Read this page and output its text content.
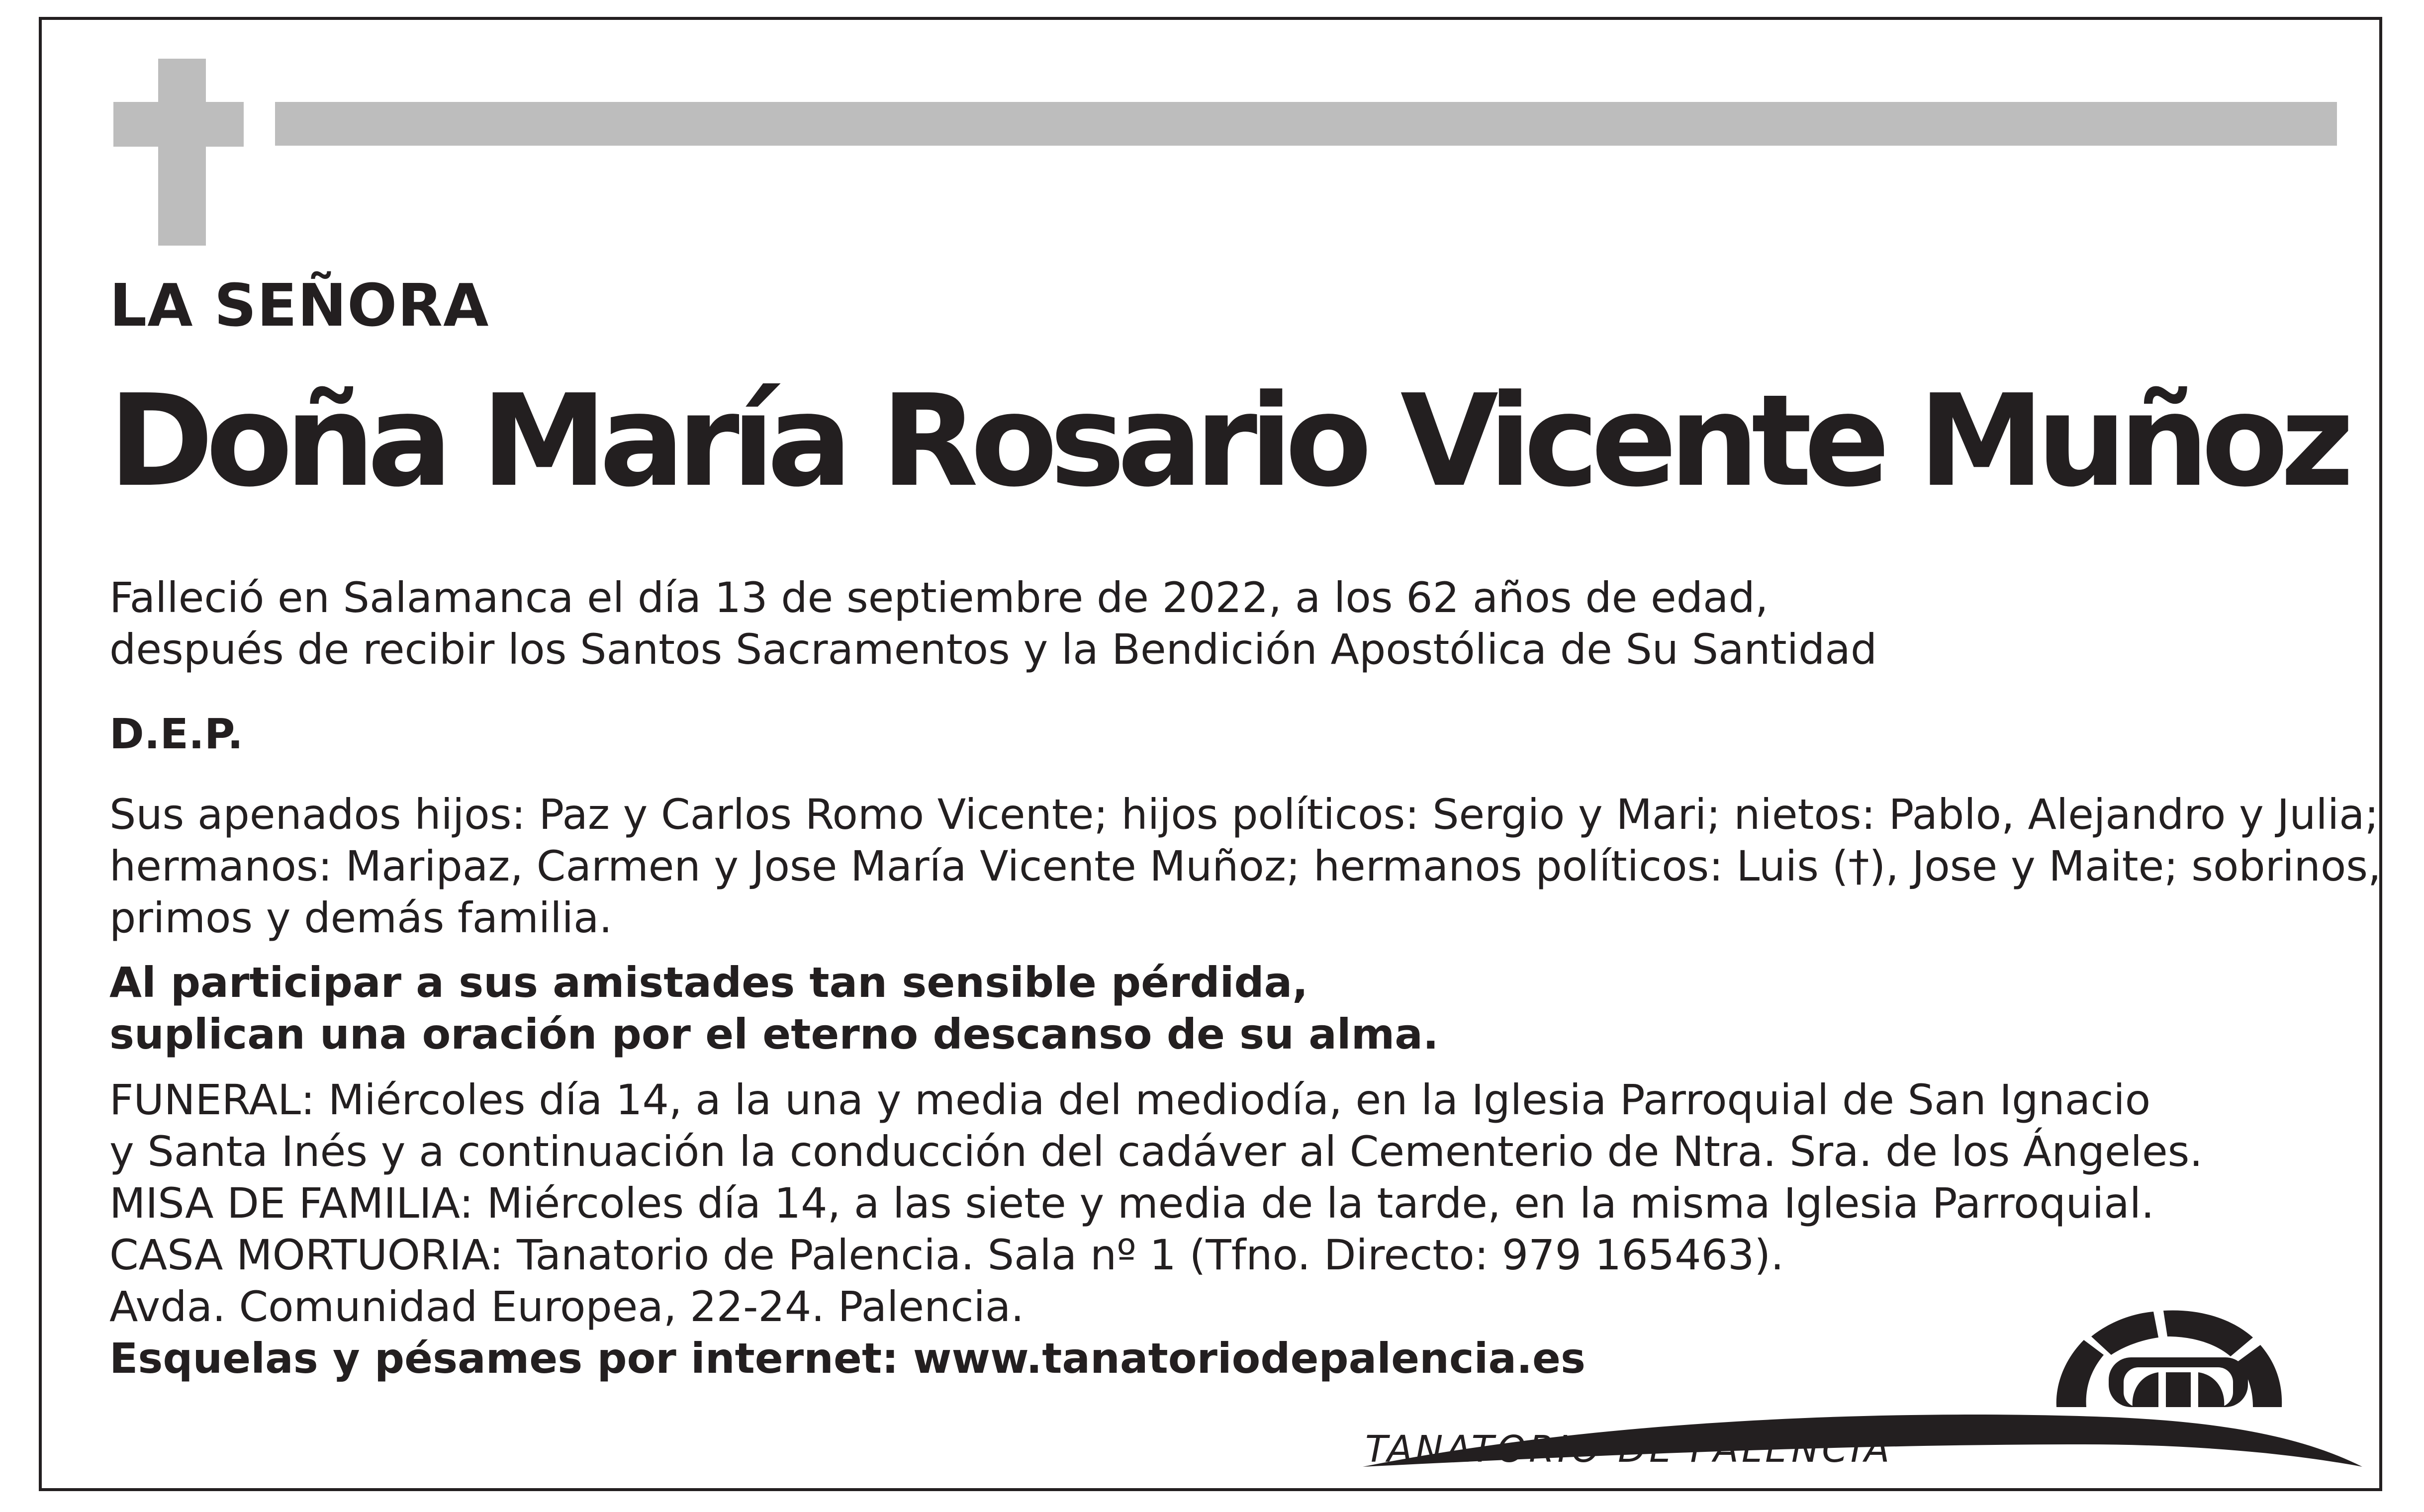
LA SEÑORA
Doña María Rosario Vicente Muñoz
Falleció en Salamanca el día 13 de septiembre de 2022, a los 62 años de edad,
después de recibir los Santos Sacramentos y la Bendición Apostólica de Su Santidad
D.E.P.
Sus apenados hijos: Paz y Carlos Romo Vicente; hijos políticos: Sergio y Mari; nietos: Pablo, Alejandro y Julia;
hermanos: Maripaz, Carmen y Jose María Vicente Muñoz; hermanos políticos: Luis (†), Jose y Maite; sobrinos,
primos y demás familia.
Al participar a sus amistades tan sensible pérdida,
suplican una oración por el eterno descanso de su alma.
FUNERAL: Miércoles día 14, a la una y media del mediodía, en la Iglesia Parroquial de San Ignacio
y Santa Inés y a continuación la conducción del cadáver al Cementerio de Ntra. Sra. de los Ángeles.
MISA DE FAMILIA: Miércoles día 14, a las siete y media de la tarde, en la misma Iglesia Parroquial.
CASA MORTUORIA: Tanatorio de Palencia. Sala nº 1 (Tfno. Directo: 979 165463).
Avda. Comunidad Europea, 22-24. Palencia.
Esquelas y pésames por internet: www.tanatoriodepalencia.es
TANATORIO DE PALENCIA
